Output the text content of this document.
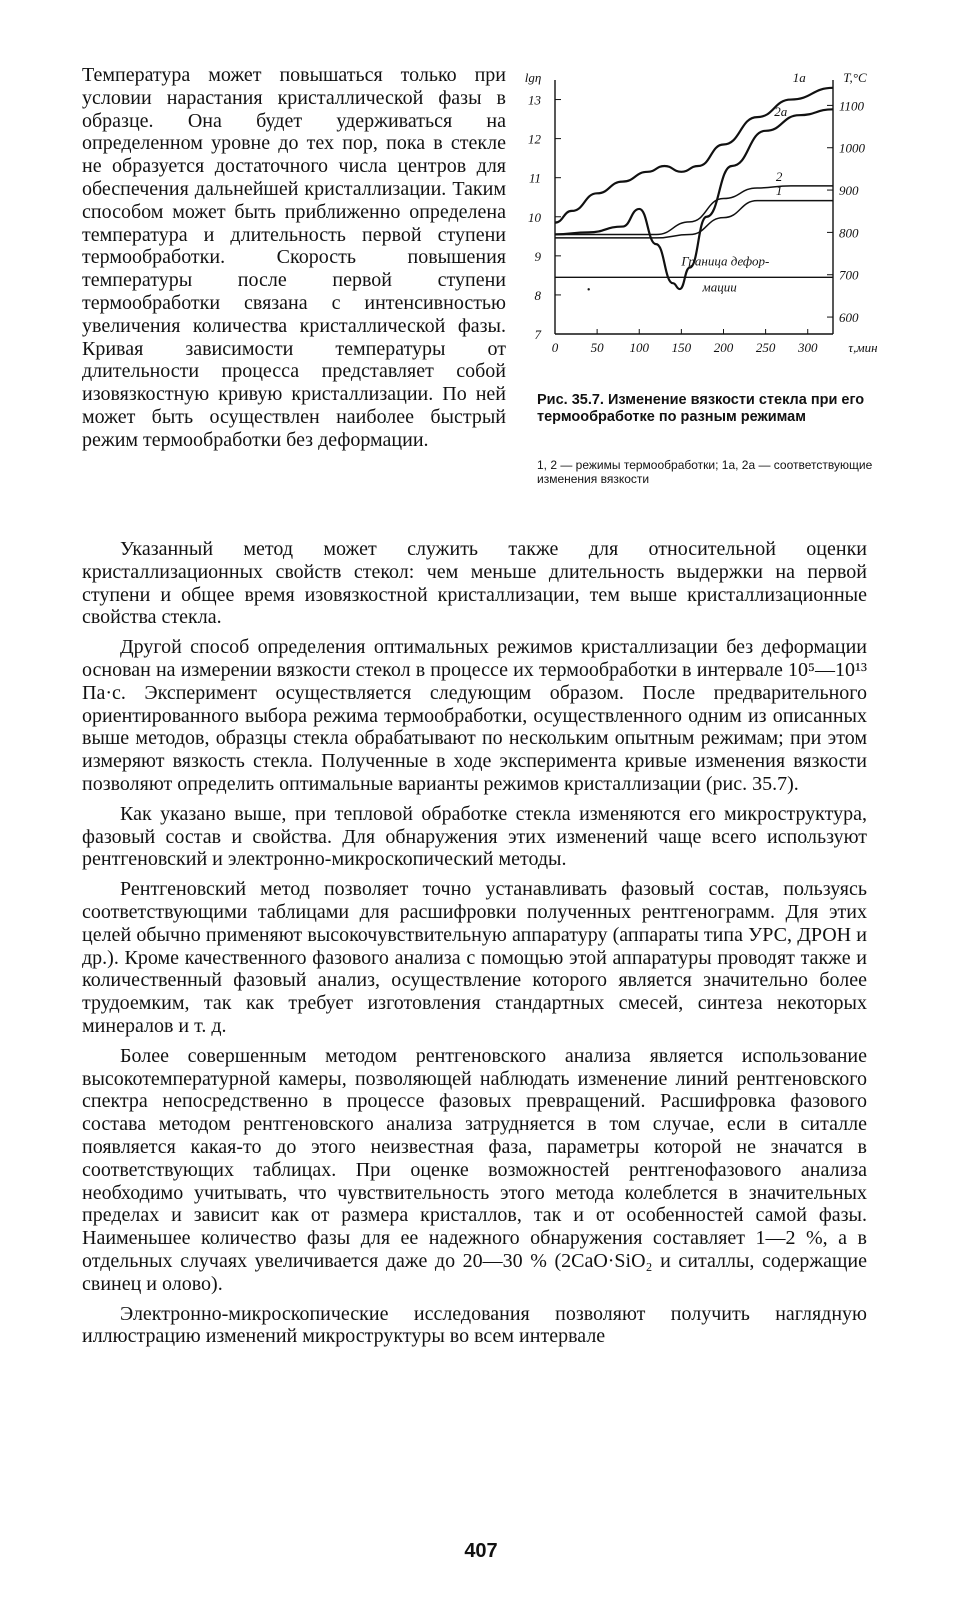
Температура может повышаться только при условии нарастания кристаллической фазы в образце. Она будет удерживаться на определенном уровне до тех пор, пока в стекле не образуется достаточного числа центров для обеспечения дальнейшей кристаллизации. Таким способом может быть приближенно определена температура и длительность первой ступени термообработки. Скорость повышения температуры после первой ступени термообработки связана с интенсивностью увеличения количества кристаллической фазы. Кривая зависимости температуры от длительности процесса представляет собой изовязкостную кривую кристаллизации. По ней может быть осуществлен наиболее быстрый режим термообработки без деформации.
0 50 100 150 200 250 300 τ,мин
7
8
9
10
11
12
13
lgη
600
700
800
900
1000
1100
T,°C
Граница дефор-
мации
1
2
1а
2а
Рис. 35.7. Изменение вязкости стекла при его термообработке по разным режимам
1, 2 — режимы термообработки; 1а, 2а — соответствующие изменения вязкости

Указанный метод может служить также для относительной оценки кристаллизационных свойств стекол: чем меньше длительность выдержки на первой ступени и общее время изовязкостной кристаллизации, тем выше кристаллизационные свойства стекла.

Другой способ определения оптимальных режимов кристаллизации без деформации основан на измерении вязкости стекол в процессе их термообработки в интервале 10⁵—10¹³ Па·с. Эксперимент осуществляется следующим образом. После предварительного ориентированного выбора режима термообработки, осуществленного одним из описанных выше методов, образцы стекла обрабатывают по нескольким опытным режимам; при этом измеряют вязкость стекла. Полученные в ходе эксперимента кривые изменения вязкости позволяют определить оптимальные варианты режимов кристаллизации (рис. 35.7).

Как указано выше, при тепловой обработке стекла изменяются его микроструктура, фазовый состав и свойства. Для обнаружения этих изменений чаще всего используют рентгеновский и электронно-микроскопический методы.

Рентгеновский метод позволяет точно устанавливать фазовый состав, пользуясь соответствующими таблицами для расшифровки полученных рентгенограмм. Для этих целей обычно применяют высокочувствительную аппаратуру (аппараты типа УРС, ДРОН и др.). Кроме качественного фазового анализа с помощью этой аппаратуры проводят также и количественный фазовый анализ, осуществление которого является значительно более трудоемким, так как требует изготовления стандартных смесей, синтеза некоторых минералов и т. д.

Более совершенным методом рентгеновского анализа является использование высокотемпературной камеры, позволяющей наблюдать изменение линий рентгеновского спектра непосредственно в процессе фазовых превращений. Расшифровка фазового состава методом рентгеновского анализа затрудняется в том случае, если в ситалле появляется какая-то до этого неизвестная фаза, параметры которой не значатся в соответствующих таблицах. При оценке возможностей рентгенофазового анализа необходимо учитывать, что чувствительность этого метода колеблется в значительных пределах и зависит как от размера кристаллов, так и от особенностей самой фазы. Наименьшее количество фазы для ее надежного обнаружения составляет 1—2 %, а в отдельных случаях увеличивается даже до 20—30 % (2CaO·SiO₂ и ситаллы, содержащие свинец и олово).

Электронно-микроскопические исследования позволяют получить наглядную иллюстрацию изменений микроструктуры во всем интервале

407
